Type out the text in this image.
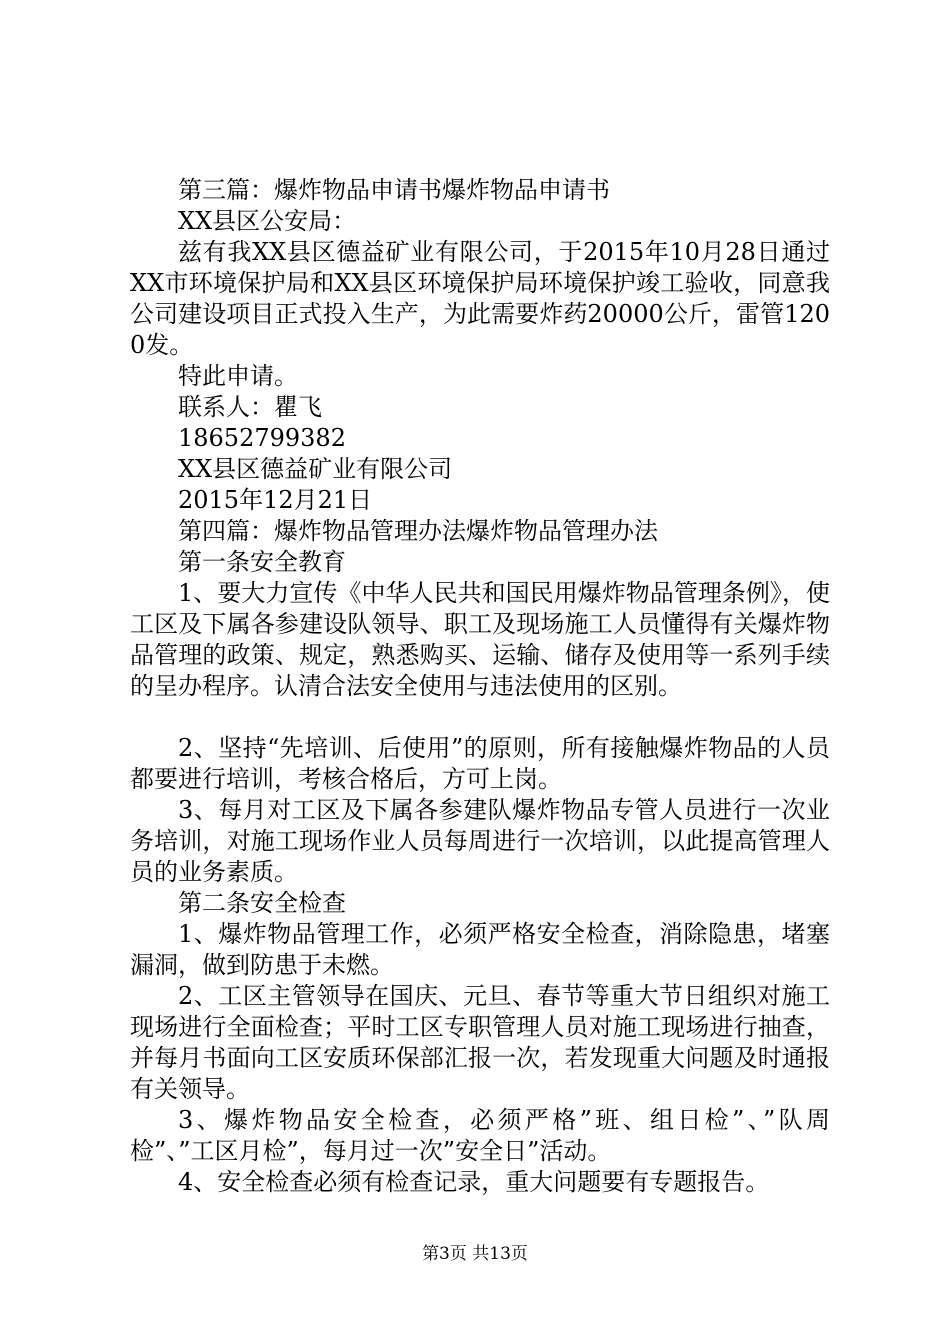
第三篇：爆炸物品申请书爆炸物品申请书

XX县区公安局：

兹有我XX县区德益矿业有限公司，于2015年10月28日通过XX市环境保护局和XX县区环境保护局环境保护竣工验收，同意我公司建设项目正式投入生产，为此需要炸药20000公斤，雷管1200发。

特此申请。

联系人：瞿飞

18652799382

XX县区德益矿业有限公司

2015年12月21日

第四篇：爆炸物品管理办法爆炸物品管理办法

第一条安全教育

1、要大力宣传《中华人民共和国民用爆炸物品管理条例》，使工区及下属各参建设队领导、职工及现场施工人员懂得有关爆炸物品管理的政策、规定，熟悉购买、运输、储存及使用等一系列手续的呈办程序。认清合法安全使用与违法使用的区别。

2、坚持“先培训、后使用”的原则，所有接触爆炸物品的人员都要进行培训，考核合格后，方可上岗。

3、每月对工区及下属各参建队爆炸物品专管人员进行一次业务培训，对施工现场作业人员每周进行一次培训，以此提高管理人员的业务素质。

第二条安全检查

1、爆炸物品管理工作，必须严格安全检查，消除隐患，堵塞漏洞，做到防患于未燃。

2、工区主管领导在国庆、元旦、春节等重大节日组织对施工现场进行全面检查；平时工区专职管理人员对施工现场进行抽查，并每月书面向工区安质环保部汇报一次，若发现重大问题及时通报有关领导。

3、爆炸物品安全检查，必须严格”班、组日检”、”队周检”、”工区月检”，每月过一次”安全日”活动。

4、安全检查必须有检查记录，重大问题要有专题报告。

第3页 共13页
